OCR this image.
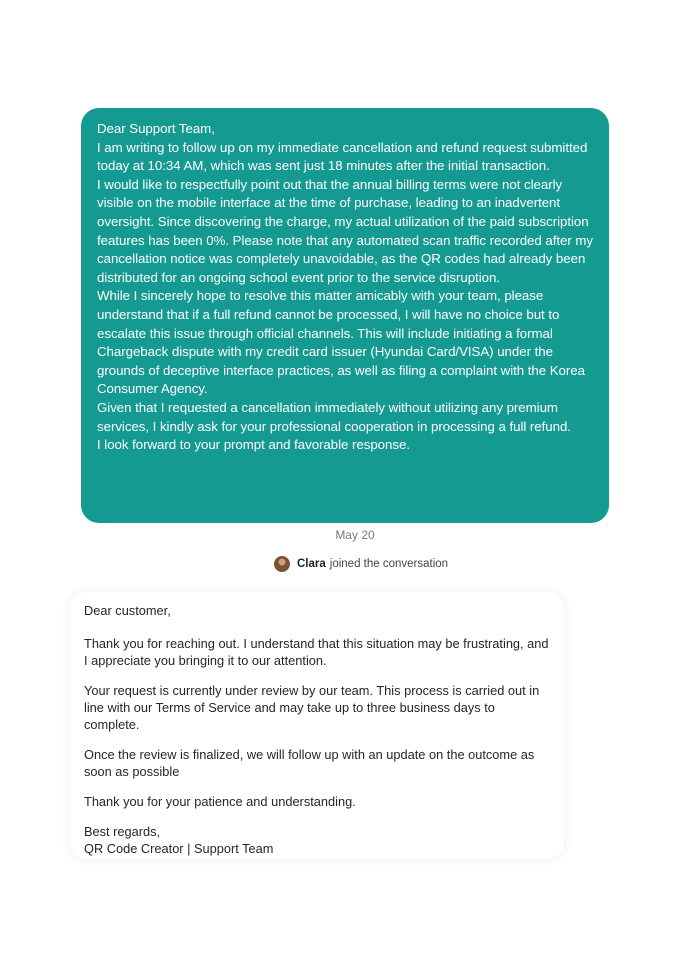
Dear Support Team,

I am writing to follow up on my immediate cancellation and refund request submitted today at 10:34 AM, which was sent just 18 minutes after the initial transaction.

I would like to respectfully point out that the annual billing terms were not clearly visible on the mobile interface at the time of purchase, leading to an inadvertent oversight. Since discovering the charge, my actual utilization of the paid subscription features has been 0%. Please note that any automated scan traffic recorded after my cancellation notice was completely unavoidable, as the QR codes had already been distributed for an ongoing school event prior to the service disruption.

While I sincerely hope to resolve this matter amicably with your team, please understand that if a full refund cannot be processed, I will have no choice but to escalate this issue through official channels. This will include initiating a formal Chargeback dispute with my credit card issuer (Hyundai Card/VISA) under the grounds of deceptive interface practices, as well as filing a complaint with the Korea Consumer Agency.

Given that I requested a cancellation immediately without utilizing any premium services, I kindly ask for your professional cooperation in processing a full refund.

I look forward to your prompt and favorable response.

May 20
Clara joined the conversation

Dear customer,

Thank you for reaching out. I understand that this situation may be frustrating, and I appreciate you bringing it to our attention.

Your request is currently under review by our team. This process is carried out in line with our Terms of Service and may take up to three business days to complete.

Once the review is finalized, we will follow up with an update on the outcome as soon as possible

Thank you for your patience and understanding.

Best regards,

QR Code Creator | Support Team
